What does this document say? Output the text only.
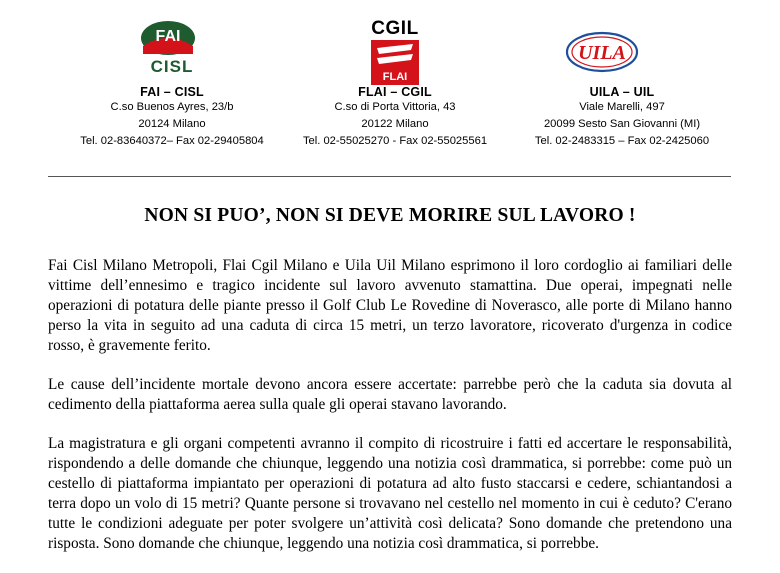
FAI
CISL
FAI – CISL
C.so Buenos Ayres, 23/b
20124 Milano
Tel. 02-83640372– Fax 02-29405804
CGIL
FLAI
FLAI – CGIL
C.so di Porta Vittoria, 43
20122 Milano
Tel. 02-55025270 - Fax 02-55025561
UILA
UILA – UIL
Viale Marelli, 497
20099 Sesto San Giovanni (MI)
Tel. 02-2483315 – Fax 02-2425060
NON SI PUO’, NON SI DEVE MORIRE SUL LAVORO !

Fai Cisl Milano Metropoli, Flai Cgil Milano e Uila Uil Milano esprimono il loro cordoglio ai familiari delle vittime dell’ennesimo e tragico incidente sul lavoro avvenuto stamattina. Due operai, impegnati nelle operazioni di potatura delle piante presso il Golf Club Le Rovedine di Noverasco, alle porte di Milano hanno perso la vita in seguito ad una caduta di circa 15 metri, un terzo lavoratore, ricoverato d'urgenza in codice rosso, è gravemente ferito.

Le cause dell’incidente mortale devono ancora essere accertate: parrebbe però che la caduta sia dovuta al cedimento della piattaforma aerea sulla quale gli operai stavano lavorando.

La magistratura e gli organi competenti avranno il compito di ricostruire i fatti ed accertare le responsabilità, rispondendo a delle domande che chiunque, leggendo una notizia così drammatica, si porrebbe: come può un cestello di piattaforma impiantato per operazioni di potatura ad alto fusto staccarsi e cedere, schiantandosi a terra dopo un volo di 15 metri? Quante persone si trovavano nel cestello nel momento in cui è ceduto? C'erano tutte le condizioni adeguate per poter svolgere un’attività così delicata? Sono domande che pretendono una risposta. Sono domande che chiunque, leggendo una notizia così drammatica, si porrebbe.
